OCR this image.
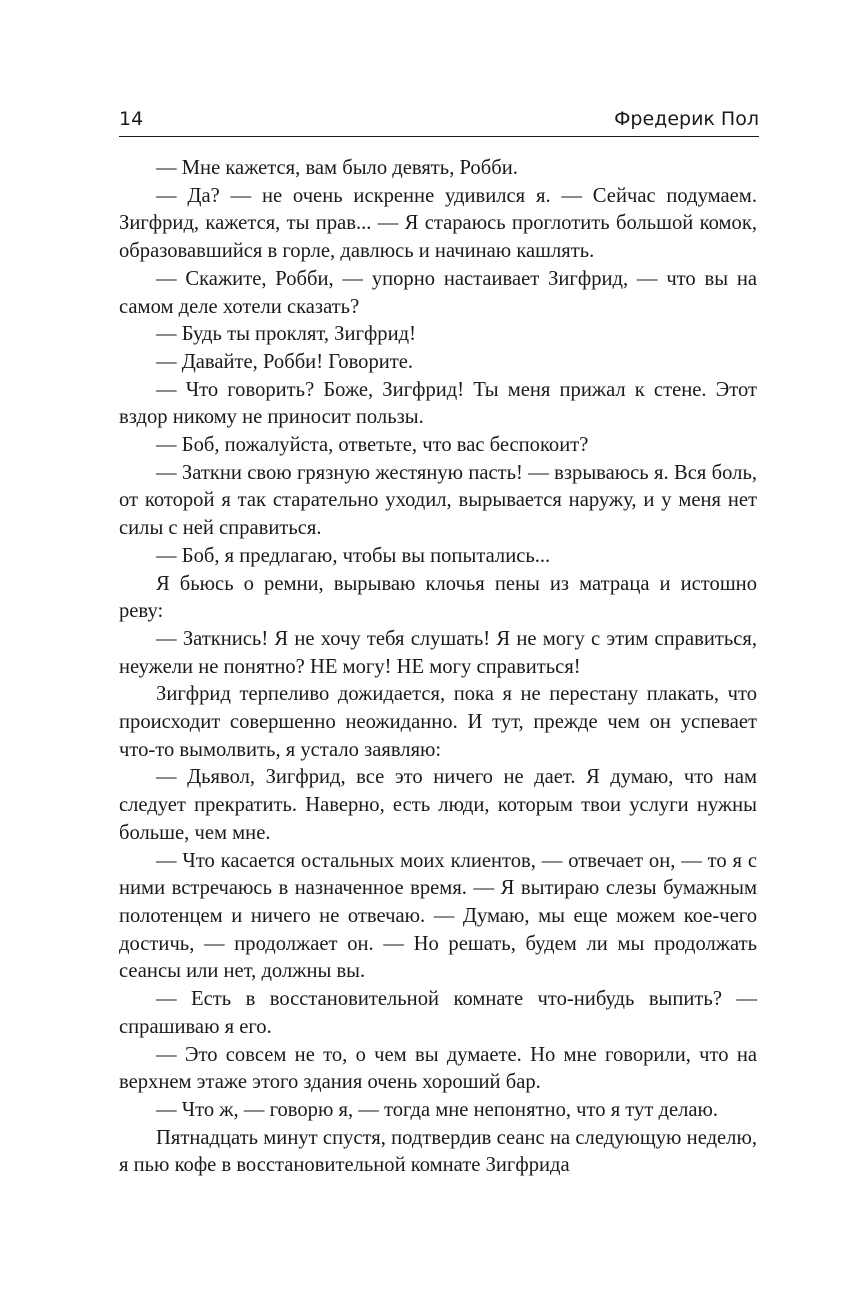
14	Фредерик Пол

— Мне кажется, вам было девять, Робби.

— Да? — не очень искренне удивился я. — Сейчас подумаем. Зигфрид, кажется, ты прав... — Я стараюсь проглотить большой комок, образовавшийся в горле, давлюсь и начинаю кашлять.

— Скажите, Робби, — упорно настаивает Зигфрид, — что вы на самом деле хотели сказать?

— Будь ты проклят, Зигфрид!

— Давайте, Робби! Говорите.

— Что говорить? Боже, Зигфрид! Ты меня прижал к стене. Этот вздор никому не приносит пользы.

— Боб, пожалуйста, ответьте, что вас беспокоит?

— Заткни свою грязную жестяную пасть! — взрываюсь я. Вся боль, от которой я так старательно уходил, вырывается наружу, и у меня нет силы с ней справиться.

— Боб, я предлагаю, чтобы вы попытались...

Я бьюсь о ремни, вырываю клочья пены из матраца и истошно реву:

— Заткнись! Я не хочу тебя слушать! Я не могу с этим справиться, неужели не понятно? НЕ могу! НЕ могу справиться!

Зигфрид терпеливо дожидается, пока я не перестану плакать, что происходит совершенно неожиданно. И тут, прежде чем он успевает что-то вымолвить, я устало заявляю:

— Дьявол, Зигфрид, все это ничего не дает. Я думаю, что нам следует прекратить. Наверно, есть люди, которым твои услуги нужны больше, чем мне.

— Что касается остальных моих клиентов, — отвечает он, — то я с ними встречаюсь в назначенное время. — Я вытираю слезы бумажным полотенцем и ничего не отвечаю. — Думаю, мы еще можем кое-чего достичь, — продолжает он. — Но решать, будем ли мы продолжать сеансы или нет, должны вы.

— Есть в восстановительной комнате что-нибудь выпить? — спрашиваю я его.

— Это совсем не то, о чем вы думаете. Но мне говорили, что на верхнем этаже этого здания очень хороший бар.

— Что ж, — говорю я, — тогда мне непонятно, что я тут делаю.

Пятнадцать минут спустя, подтвердив сеанс на следующую неделю, я пью кофе в восстановительной комнате Зигфрида
